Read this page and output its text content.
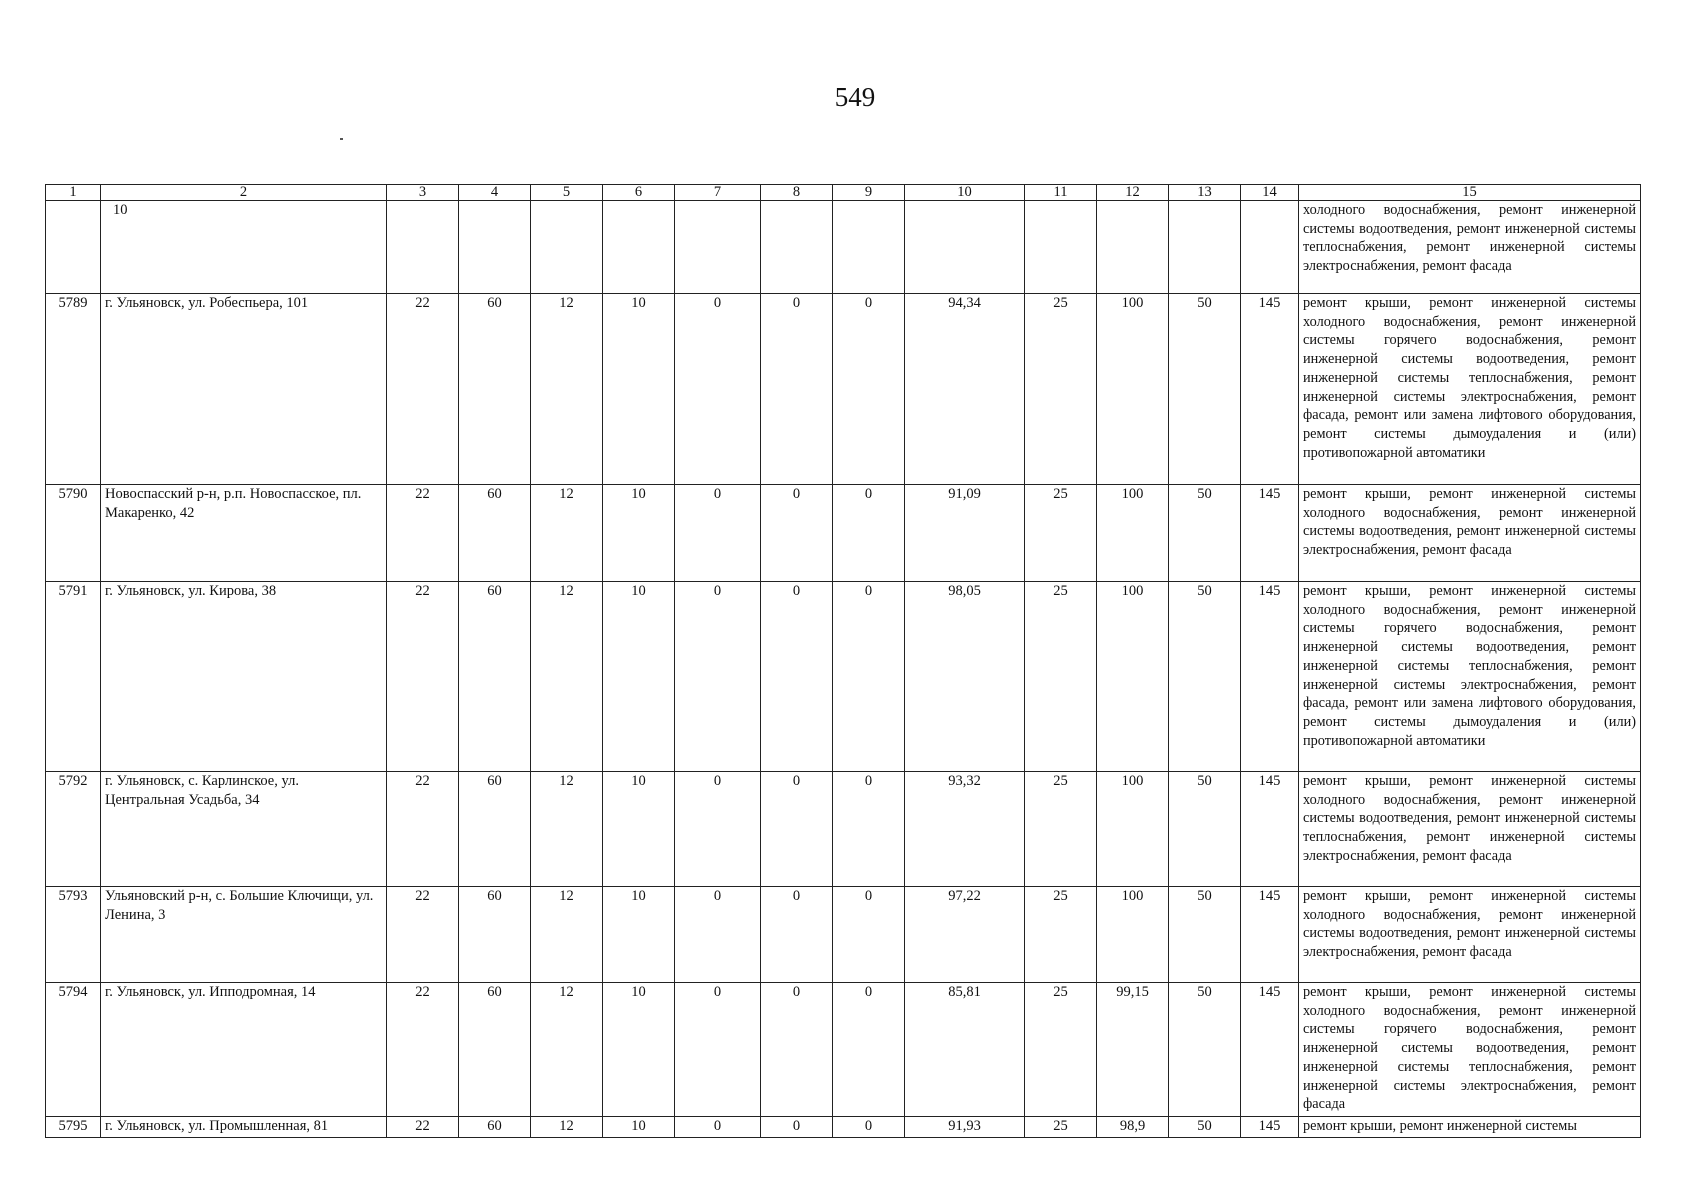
549
1	2	3	4	5	6	7	8	9	10	11	12	13	14	15
	10													холодного водоснабжения, ремонт инженерной системы водоотведения, ремонт инженерной системы теплоснабжения, ремонт инженерной системы электроснабжения, ремонт фасада
5789	г. Ульяновск, ул. Робеспьера, 101	22	60	12	10	0	0	0	94,34	25	100	50	145	ремонт крыши, ремонт инженерной системы холодного водоснабжения, ремонт инженерной системы горячего водоснабжения, ремонт инженерной системы водоотведения, ремонт инженерной системы теплоснабжения, ремонт инженерной системы электроснабжения, ремонт фасада, ремонт или замена лифтового оборудования, ремонт системы дымоудаления и (или) противопожарной автоматики
5790	Новоспасский р-н, р.п. Новоспасское, пл. Макаренко, 42	22	60	12	10	0	0	0	91,09	25	100	50	145	ремонт крыши, ремонт инженерной системы холодного водоснабжения, ремонт инженерной системы водоотведения, ремонт инженерной системы электроснабжения, ремонт фасада
5791	г. Ульяновск, ул. Кирова, 38	22	60	12	10	0	0	0	98,05	25	100	50	145	ремонт крыши, ремонт инженерной системы холодного водоснабжения, ремонт инженерной системы горячего водоснабжения, ремонт инженерной системы водоотведения, ремонт инженерной системы теплоснабжения, ремонт инженерной системы электроснабжения, ремонт фасада, ремонт или замена лифтового оборудования, ремонт системы дымоудаления и (или) противопожарной автоматики
5792	г. Ульяновск, с. Карлинское, ул. Центральная Усадьба, 34	22	60	12	10	0	0	0	93,32	25	100	50	145	ремонт крыши, ремонт инженерной системы холодного водоснабжения, ремонт инженерной системы водоотведения, ремонт инженерной системы теплоснабжения, ремонт инженерной системы электроснабжения, ремонт фасада
5793	Ульяновский р-н, с. Большие Ключищи, ул. Ленина, 3	22	60	12	10	0	0	0	97,22	25	100	50	145	ремонт крыши, ремонт инженерной системы холодного водоснабжения, ремонт инженерной системы водоотведения, ремонт инженерной системы электроснабжения, ремонт фасада
5794	г. Ульяновск, ул. Ипподромная, 14	22	60	12	10	0	0	0	85,81	25	99,15	50	145	ремонт крыши, ремонт инженерной системы холодного водоснабжения, ремонт инженерной системы горячего водоснабжения, ремонт инженерной системы водоотведения, ремонт инженерной системы теплоснабжения, ремонт инженерной системы электроснабжения, ремонт фасада
5795	г. Ульяновск, ул. Промышленная, 81	22	60	12	10	0	0	0	91,93	25	98,9	50	145	ремонт крыши, ремонт инженерной системы
